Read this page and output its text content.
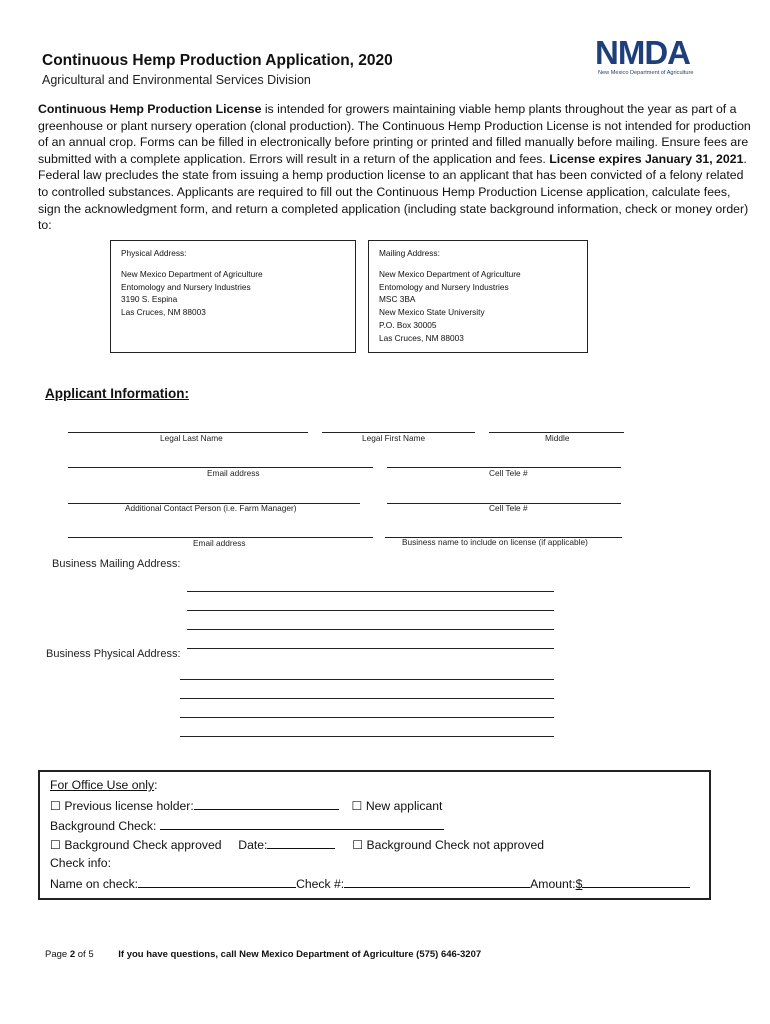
Continuous Hemp Production Application, 2020
Agricultural and Environmental Services Division
NMDA
New Mexico Department of Agriculture
Continuous Hemp Production License is intended for growers maintaining viable hemp plants throughout the year as part of a greenhouse or plant nursery operation (clonal production). The Continuous Hemp Production License is not intended for production of an annual crop. Forms can be filled in electronically before printing or printed and filled manually before mailing. Ensure fees are submitted with a complete application. Errors will result in a return of the application and fees. License expires January 31, 2021. Federal law precludes the state from issuing a hemp production license to an applicant that has been convicted of a felony related to controlled substances. Applicants are required to fill out the Continuous Hemp Production License application, calculate fees, sign the acknowledgment form, and return a completed application (including state background information, check or money order) to:
Physical Address:
New Mexico Department of Agriculture
Entomology and Nursery Industries
3190 S. Espina
Las Cruces, NM 88003
Mailing Address:
New Mexico Department of Agriculture
Entomology and Nursery Industries
MSC 3BA
New Mexico State University
P.O. Box 30005
Las Cruces, NM 88003
Applicant Information:
Legal Last Name	Legal First Name	Middle
Email address	Cell Tele #
Additional Contact Person (i.e. Farm Manager)	Cell Tele #
Email address	Business name to include on license (if applicable)
Business Mailing Address:
Business Physical Address:
For Office Use only:
☐ Previous license holder:	☐ New applicant
Background Check:
☐ Background Check approved Date:	☐ Background Check not approved
Check info:
Name on check:	Check #:	Amount:$
Page 2 of 5	If you have questions, call New Mexico Department of Agriculture (575) 646-3207
